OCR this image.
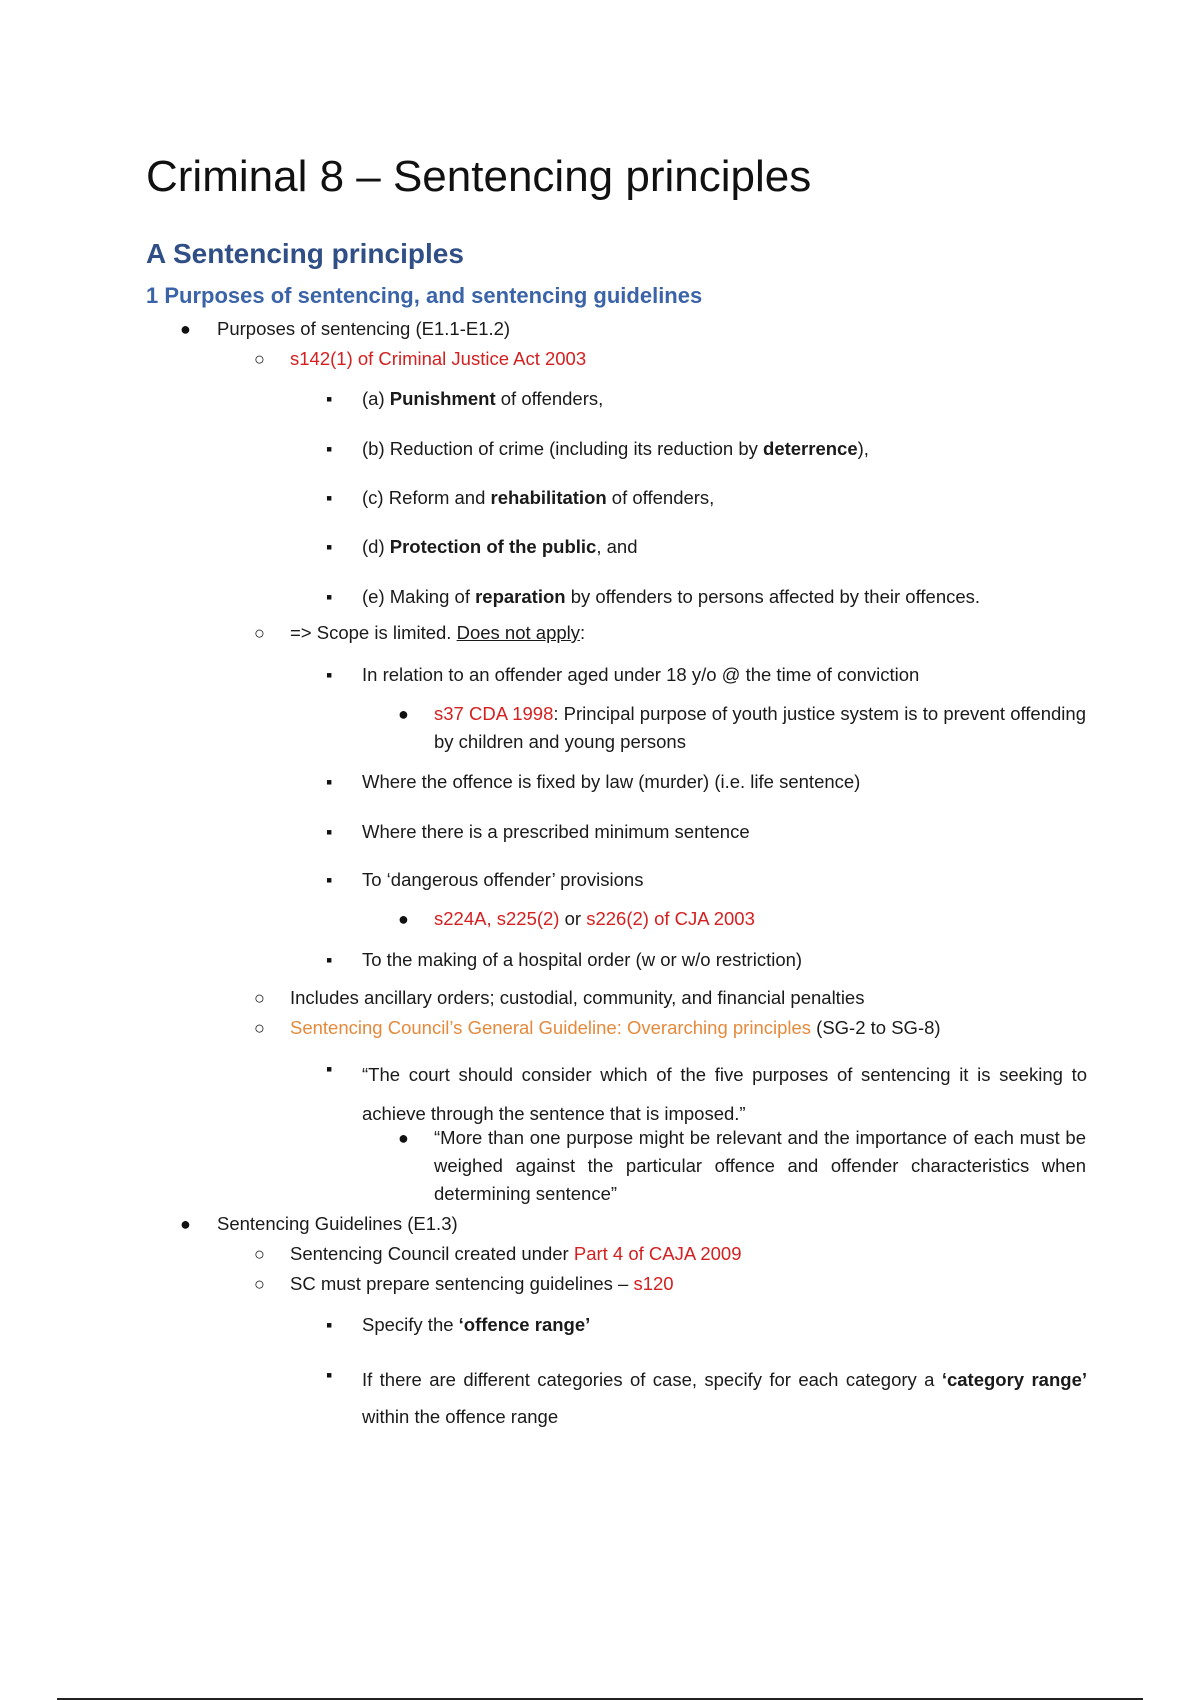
Criminal 8 – Sentencing principles
A Sentencing principles
1 Purposes of sentencing, and sentencing guidelines
● Purposes of sentencing (E1.1-E1.2)
○ s142(1) of Criminal Justice Act 2003
▪ (a) Punishment of offenders,
▪ (b) Reduction of crime (including its reduction by deterrence),
▪ (c) Reform and rehabilitation of offenders,
▪ (d) Protection of the public, and
▪ (e) Making of reparation by offenders to persons affected by their offences.
○ => Scope is limited. Does not apply:
▪ In relation to an offender aged under 18 y/o @ the time of conviction
● s37 CDA 1998: Principal purpose of youth justice system is to prevent offending by children and young persons
▪ Where the offence is fixed by law (murder) (i.e. life sentence)
▪ Where there is a prescribed minimum sentence
▪ To ‘dangerous offender’ provisions
● s224A, s225(2) or s226(2) of CJA 2003
▪ To the making of a hospital order (w or w/o restriction)
○ Includes ancillary orders; custodial, community, and financial penalties
○ Sentencing Council’s General Guideline: Overarching principles (SG-2 to SG-8)
▪ “The court should consider which of the five purposes of sentencing it is seeking to achieve through the sentence that is imposed.”
● “More than one purpose might be relevant and the importance of each must be weighed against the particular offence and offender characteristics when determining sentence”
● Sentencing Guidelines (E1.3)
○ Sentencing Council created under Part 4 of CAJA 2009
○ SC must prepare sentencing guidelines – s120
▪ Specify the ‘offence range’
▪ If there are different categories of case, specify for each category a ‘category range’ within the offence range
